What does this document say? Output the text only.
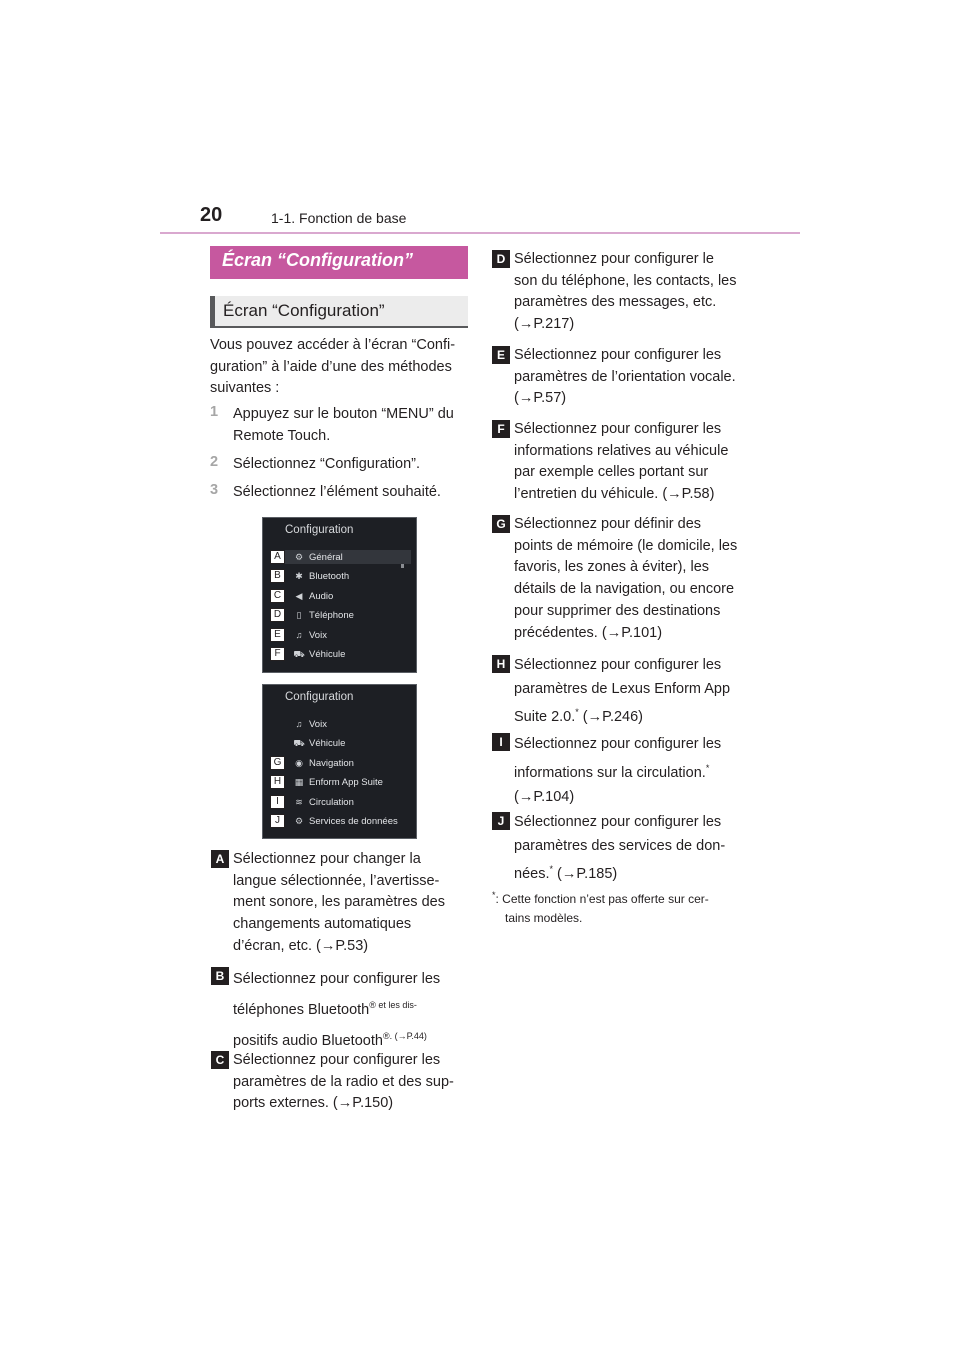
20	1-1. Fonction de base
Écran “Configuration”
Écran “Configuration”
Vous pouvez accéder à l’écran “Confi-
guration” à l’aide d’une des méthodes
suivantes :
1 Appuyez sur le bouton “MENU” du
Remote Touch.
2 Sélectionnez “Configuration”.
3 Sélectionnez l’élément souhaité.
Configuration
⚙ Général
✱ Bluetooth
◀ Audio
▯ Téléphone
♫ Voix
⛟ Véhicule
A
B
C
D
E
F
Configuration
♫ Voix
⛟ Véhicule
◉ Navigation
▦ Enform App Suite
≋ Circulation
⚙ Services de données
G
H
I
J
A Sélectionnez pour changer la
langue sélectionnée, l’avertisse-
ment sonore, les paramètres des
changements automatiques
d’écran, etc. (→P.53)
B Sélectionnez pour configurer les
téléphones Bluetooth$^{® et les dis-}$
positifs audio Bluetooth$^{®. (\to P.44)}$
C Sélectionnez pour configurer les
paramètres de la radio et des sup-
ports externes. (→P.150)
D Sélectionnez pour configurer le
son du téléphone, les contacts, les
paramètres des messages, etc.
(→P.217)
E Sélectionnez pour configurer les
paramètres de l’orientation vocale.
(→P.57)
F Sélectionnez pour configurer les
informations relatives au véhicule
par exemple celles portant sur
l’entretien du véhicule. (→P.58)
G Sélectionnez pour définir des
points de mémoire (le domicile, les
favoris, les zones à éviter), les
détails de la navigation, ou encore
pour supprimer des destinations
précédentes. (→P.101)
H Sélectionnez pour configurer les
paramètres de Lexus Enform App
Suite 2.0.* (→P.246)
I Sélectionnez pour configurer les
informations sur la circulation.*
(→P.104)
J Sélectionnez pour configurer les
paramètres des services de don-
nées.* (→P.185)
*: Cette fonction n’est pas offerte sur cer-
tains modèles.
